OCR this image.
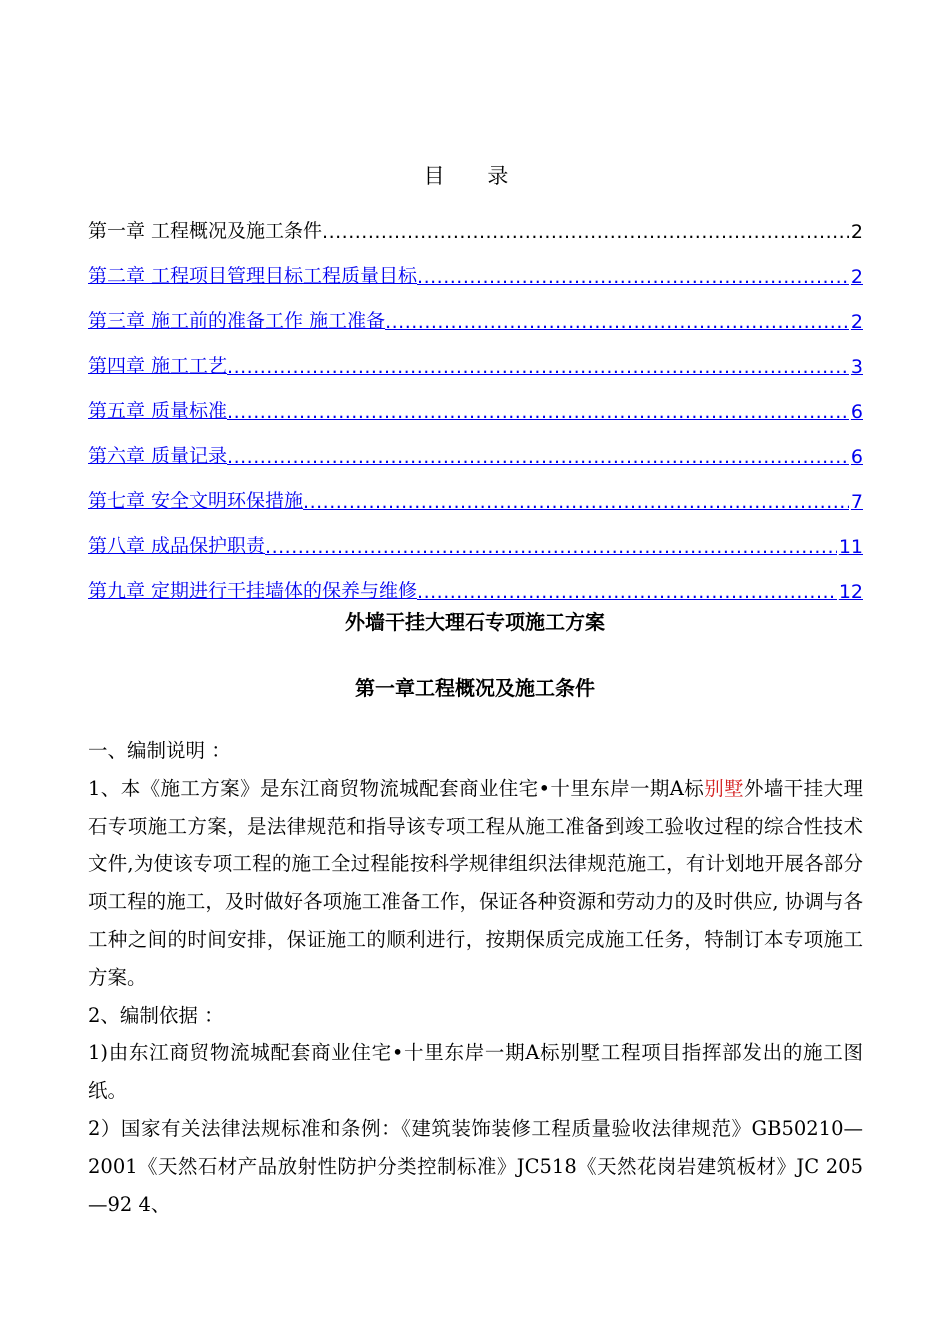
目 录
第一章 工程概况及施工条件 .....	2
第二章 工程项目管理目标工程质量目标 .....	2
第三章 施工前的准备工作 施工准备 .....	2
第四章 施工工艺 .....	3
第五章 质量标准 .....	6
第六章 质量记录 .....	6
第七章 安全文明环保措施 .....	7
第八章 成品保护职责 .....	11
第九章 定期进行干挂墙体的保养与维修 .....	12
外墙干挂大理石专项施工方案
第一章工程概况及施工条件

一、编制说明 ：

1、本《施工方案》是东江商贸物流城配套商业住宅•十里东岸一期A标别墅外墙干挂大理石专项施工方案，是法律规范和指导该专项工程从施工准备到竣工验收过程的综合性技术文件,为使该专项工程的施工全过程能按科学规律组织法律规范施工，有计划地开展各部分项工程的施工，及时做好各项施工准备工作，保证各种资源和劳动力的及时供应, 协调与各工种之间的时间安排，保证施工的顺利进行，按期保质完成施工任务，特制订本专项施工方案。

2、编制依据 ：

1)由东江商贸物流城配套商业住宅•十里东岸一期A标别墅工程项目指挥部发出的施工图纸。

2）国家有关法律法规标准和条例：《建筑装饰装修工程质量验收法律规范》GB50210—2001《天然石材产品放射性防护分类控制标准》JC518《天然花岗岩建筑板材》JC 205—92 4、
